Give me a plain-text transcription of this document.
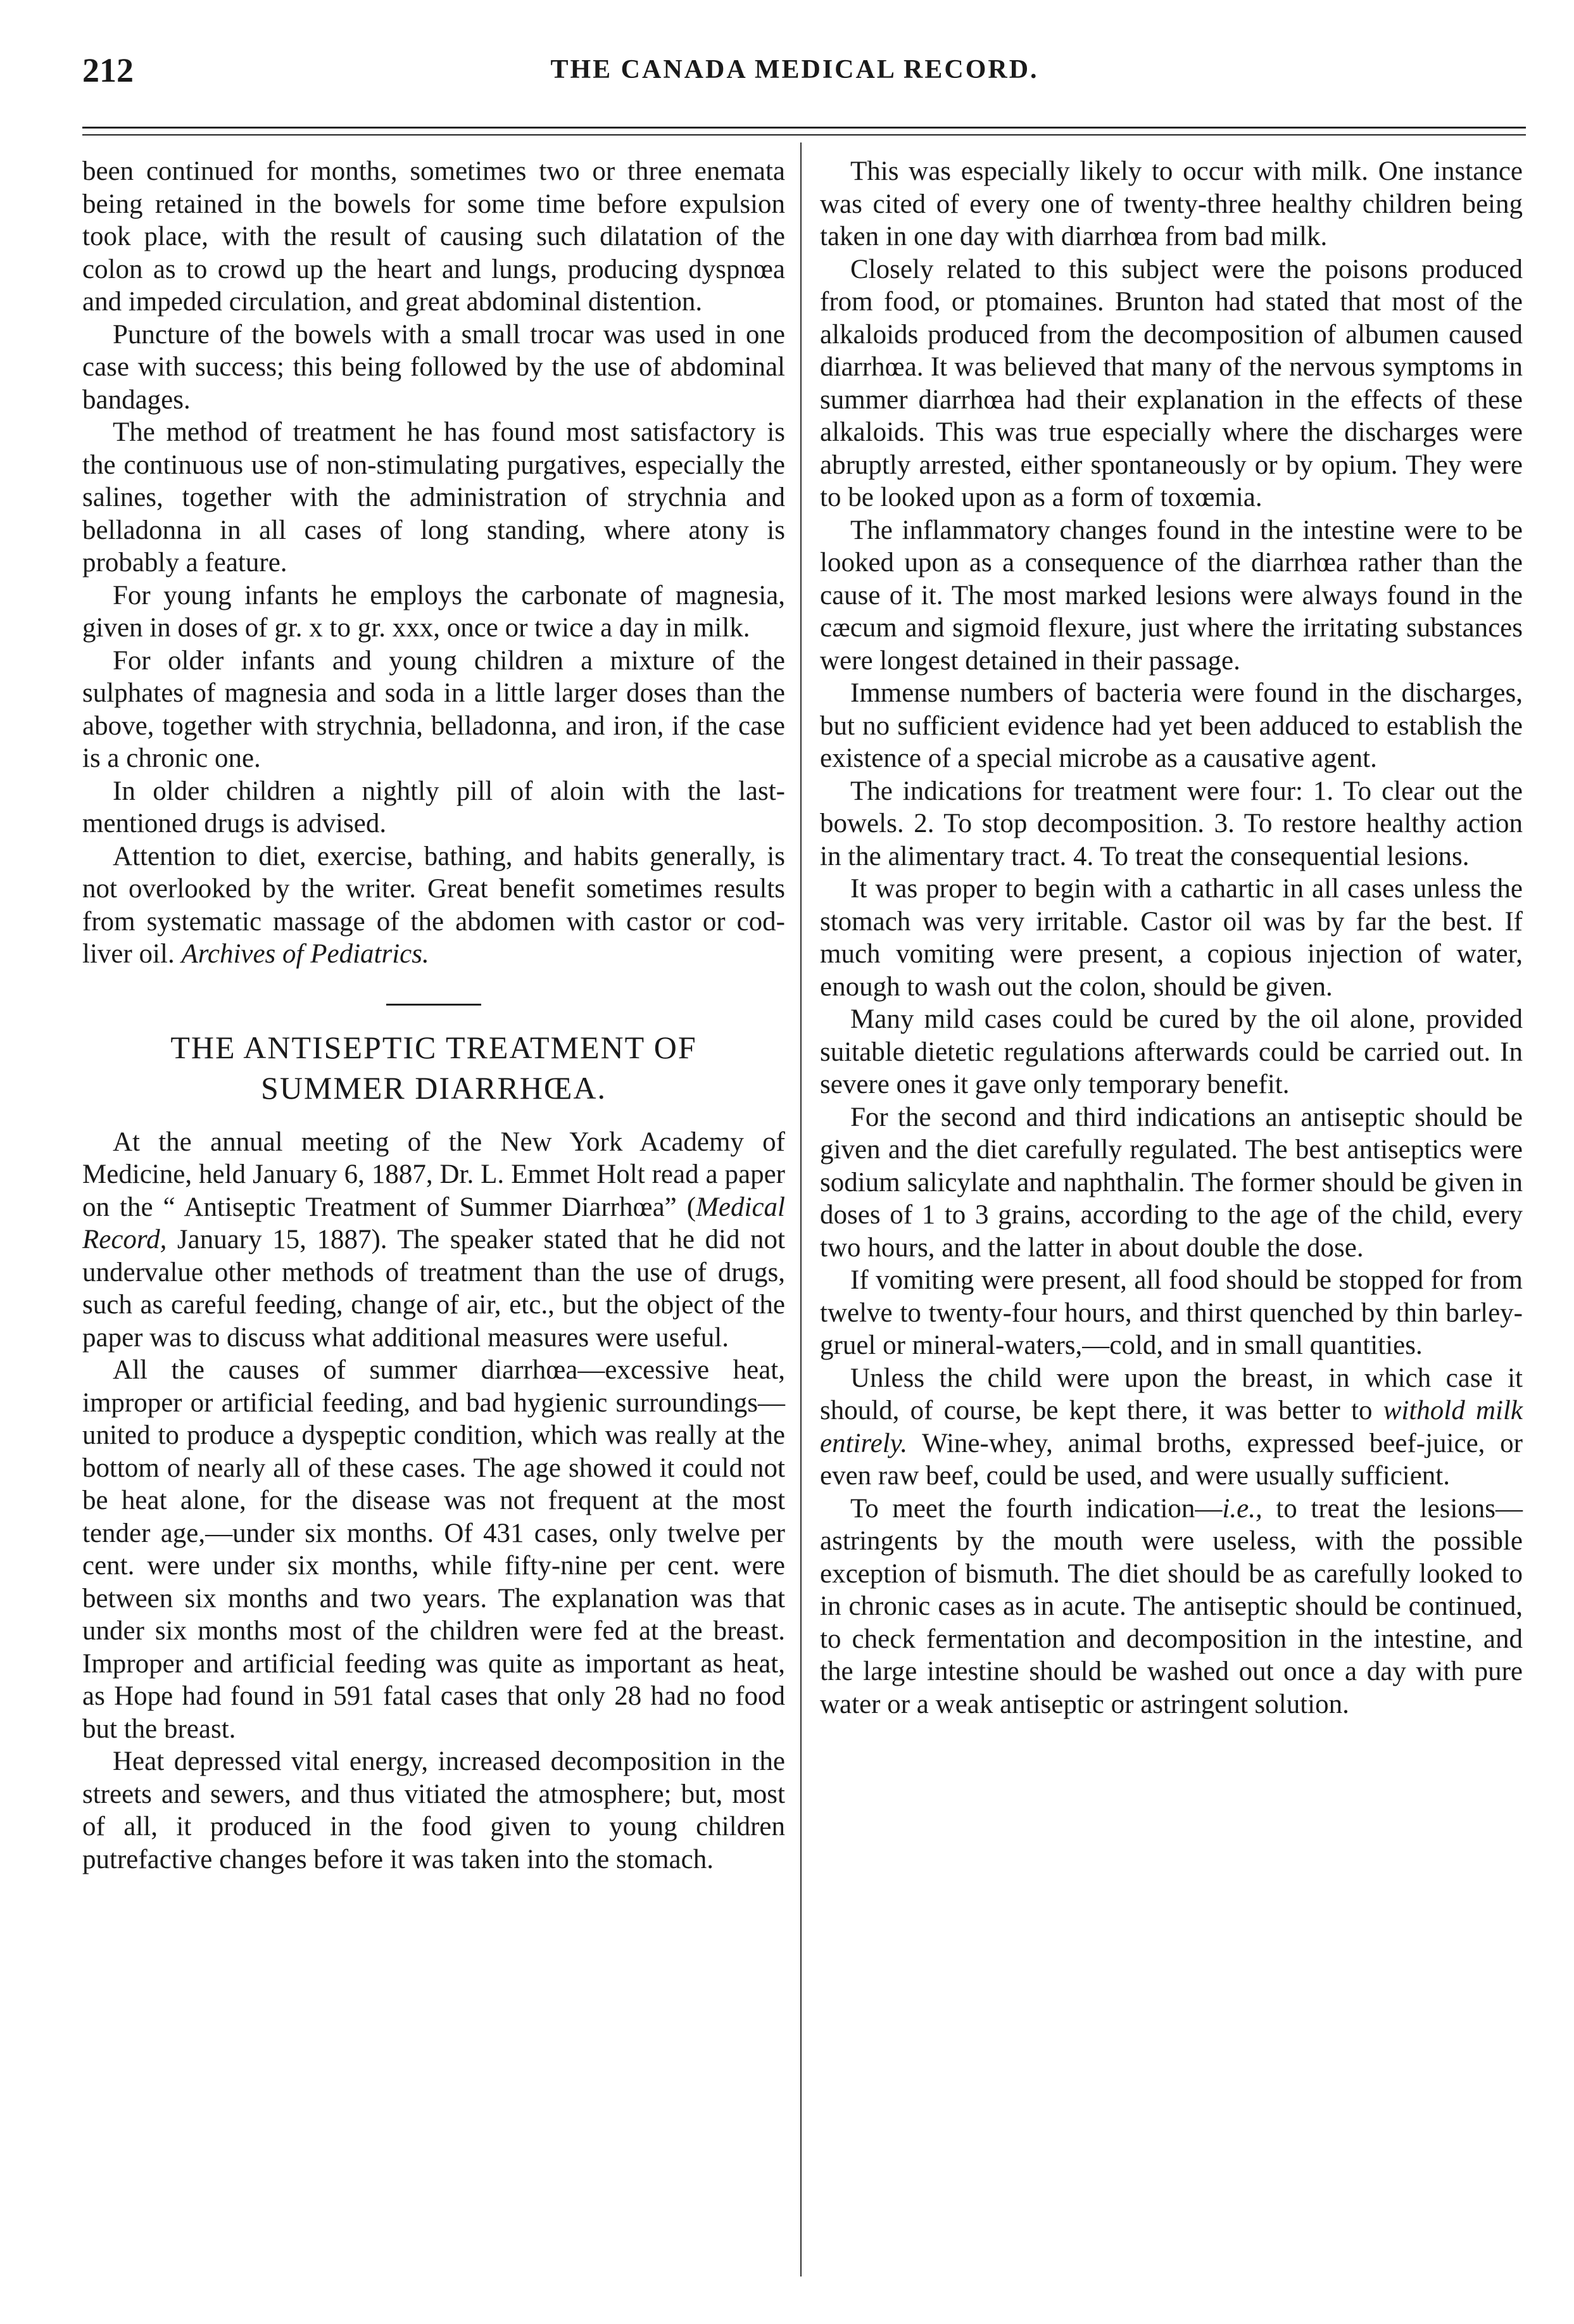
212	THE CANADA MEDICAL RECORD.

been continued for months, sometimes two or three enemata being retained in the bowels for some time before expulsion took place, with the result of causing such dilatation of the colon as to crowd up the heart and lungs, producing dyspnœa and impeded circulation, and great abdominal distention.

Puncture of the bowels with a small trocar was used in one case with success; this being followed by the use of abdominal bandages.

The method of treatment he has found most satisfactory is the continuous use of non-stimulating purgatives, especially the salines, together with the administration of strychnia and belladonna in all cases of long standing, where atony is probably a feature.

For young infants he employs the carbonate of magnesia, given in doses of gr. x to gr. xxx, once or twice a day in milk.

For older infants and young children a mixture of the sulphates of magnesia and soda in a little larger doses than the above, together with strychnia, belladonna, and iron, if the case is a chronic one.

In older children a nightly pill of aloin with the last-mentioned drugs is advised.

Attention to diet, exercise, bathing, and habits generally, is not overlooked by the writer. Great benefit sometimes results from systematic massage of the abdomen with castor or cod-liver oil. Archives of Pediatrics.

THE ANTISEPTIC TREATMENT OF
SUMMER DIARRHŒA.

At the annual meeting of the New York Academy of Medicine, held January 6, 1887, Dr. L. Emmet Holt read a paper on the “ Antiseptic Treatment of Summer Diarrhœa” (Medical Record, January 15, 1887). The speaker stated that he did not undervalue other methods of treatment than the use of drugs, such as careful feeding, change of air, etc., but the object of the paper was to discuss what additional measures were useful.

All the causes of summer diarrhœa—excessive heat, improper or artificial feeding, and bad hygienic surroundings—united to produce a dyspeptic condition, which was really at the bottom of nearly all of these cases. The age showed it could not be heat alone, for the disease was not frequent at the most tender age,—under six months. Of 431 cases, only twelve per cent. were under six months, while fifty-nine per cent. were between six months and two years. The explanation was that under six months most of the children were fed at the breast. Improper and artificial feeding was quite as important as heat, as Hope had found in 591 fatal cases that only 28 had no food but the breast.

Heat depressed vital energy, increased decomposition in the streets and sewers, and thus vitiated the atmosphere; but, most of all, it produced in the food given to young children putrefactive changes before it was taken into the stomach.

This was especially likely to occur with milk. One instance was cited of every one of twenty-three healthy children being taken in one day with diarrhœa from bad milk.

Closely related to this subject were the poisons produced from food, or ptomaines. Brunton had stated that most of the alkaloids produced from the decomposition of albumen caused diarrhœa. It was believed that many of the nervous symptoms in summer diarrhœa had their explanation in the effects of these alkaloids. This was true especially where the discharges were abruptly arrested, either spontaneously or by opium. They were to be looked upon as a form of toxœmia.

The inflammatory changes found in the intestine were to be looked upon as a consequence of the diarrhœa rather than the cause of it. The most marked lesions were always found in the cæcum and sigmoid flexure, just where the irritating substances were longest detained in their passage.

Immense numbers of bacteria were found in the discharges, but no sufficient evidence had yet been adduced to establish the existence of a special microbe as a causative agent.

The indications for treatment were four: 1. To clear out the bowels. 2. To stop decomposition. 3. To restore healthy action in the alimentary tract. 4. To treat the consequential lesions.

It was proper to begin with a cathartic in all cases unless the stomach was very irritable. Castor oil was by far the best. If much vomiting were present, a copious injection of water, enough to wash out the colon, should be given.

Many mild cases could be cured by the oil alone, provided suitable dietetic regulations afterwards could be carried out. In severe ones it gave only temporary benefit.

For the second and third indications an antiseptic should be given and the diet carefully regulated. The best antiseptics were sodium salicylate and naphthalin. The former should be given in doses of 1 to 3 grains, according to the age of the child, every two hours, and the latter in about double the dose.

If vomiting were present, all food should be stopped for from twelve to twenty-four hours, and thirst quenched by thin barley-gruel or mineral-waters,—cold, and in small quantities.

Unless the child were upon the breast, in which case it should, of course, be kept there, it was better to withold milk entirely. Wine-whey, animal broths, expressed beef-juice, or even raw beef, could be used, and were usually sufficient.

To meet the fourth indication—i.e., to treat the lesions—astringents by the mouth were useless, with the possible exception of bismuth. The diet should be as carefully looked to in chronic cases as in acute. The antiseptic should be continued, to check fermentation and decomposition in the intestine, and the large intestine should be washed out once a day with pure water or a weak antiseptic or astringent solution.
